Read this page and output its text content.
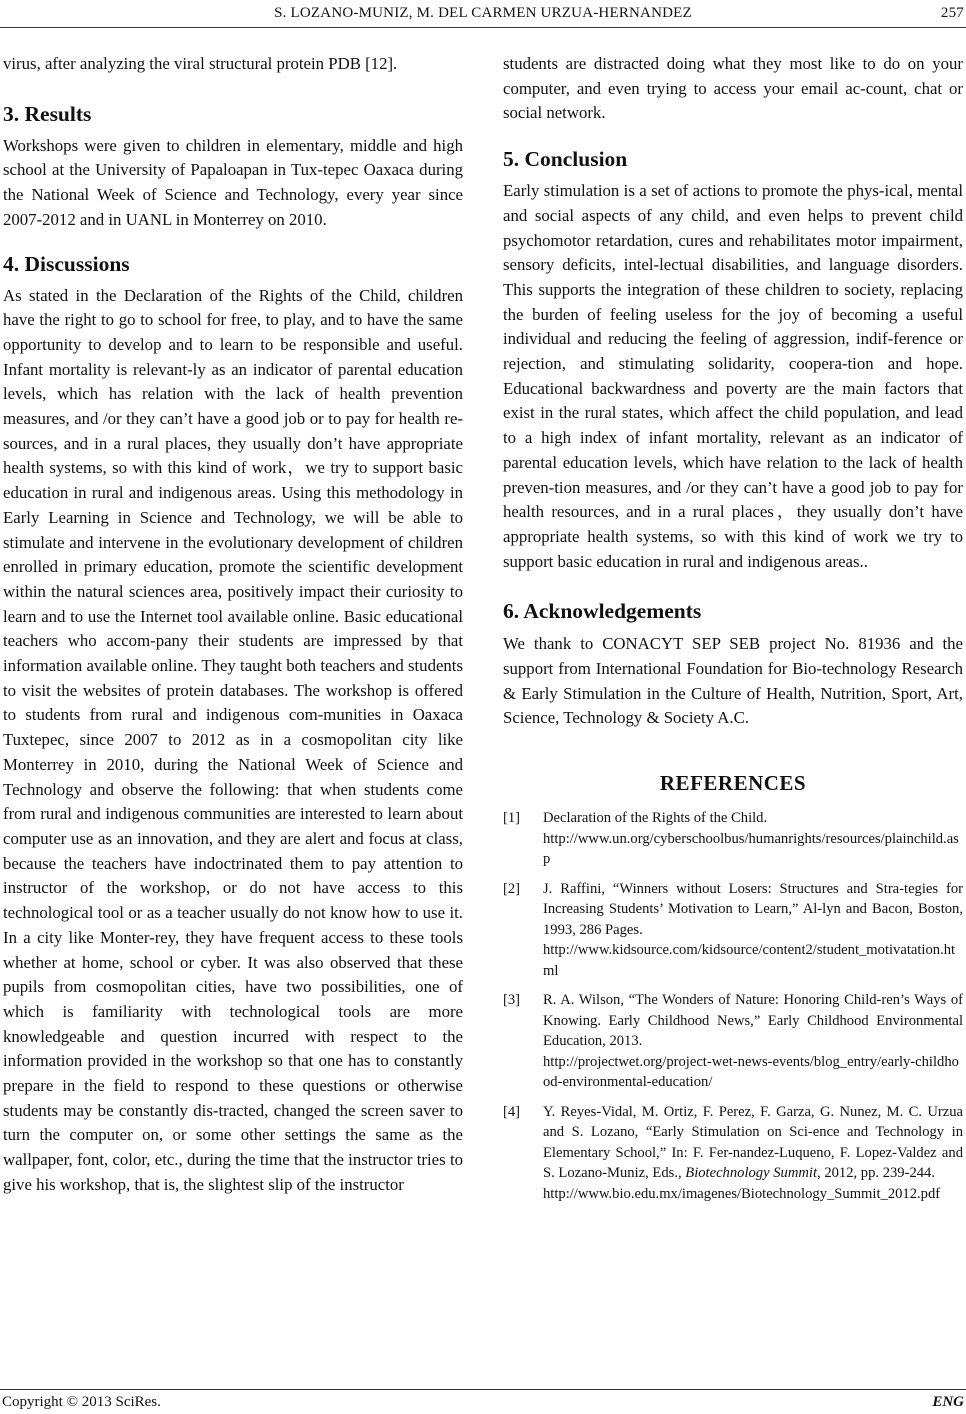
S. LOZANO-MUNIZ, M. DEL CARMEN URZUA-HERNANDEZ	257

virus, after analyzing the viral structural protein PDB [12].

3. Results

Workshops were given to children in elementary, middle and high school at the University of Papaloapan in Tux-tepec Oaxaca during the National Week of Science and Technology, every year since 2007-2012 and in UANL in Monterrey on 2010.

4. Discussions

As stated in the Declaration of the Rights of the Child, children have the right to go to school for free, to play, and to have the same opportunity to develop and to learn to be responsible and useful. Infant mortality is relevant-ly as an indicator of parental education levels, which has relation with the lack of health prevention measures, and /or they can’t have a good job or to pay for health re-sources, and in a rural places, they usually don’t have appropriate health systems, so with this kind of work，we try to support basic education in rural and indigenous areas. Using this methodology in Early Learning in Science and Technology, we will be able to stimulate and intervene in the evolutionary development of children enrolled in primary education, promote the scientific development within the natural sciences area, positively impact their curiosity to learn and to use the Internet tool available online. Basic educational teachers who accom-pany their students are impressed by that information available online. They taught both teachers and students to visit the websites of protein databases. The workshop is offered to students from rural and indigenous com-munities in Oaxaca Tuxtepec, since 2007 to 2012 as in a cosmopolitan city like Monterrey in 2010, during the National Week of Science and Technology and observe the following: that when students come from rural and indigenous communities are interested to learn about computer use as an innovation, and they are alert and focus at class, because the teachers have indoctrinated them to pay attention to instructor of the workshop, or do not have access to this technological tool or as a teacher usually do not know how to use it. In a city like Monter-rey, they have frequent access to these tools whether at home, school or cyber. It was also observed that these pupils from cosmopolitan cities, have two possibilities, one of which is familiarity with technological tools are more knowledgeable and question incurred with respect to the information provided in the workshop so that one has to constantly prepare in the field to respond to these questions or otherwise students may be constantly dis-tracted, changed the screen saver to turn the computer on, or some other settings the same as the wallpaper, font, color, etc., during the time that the instructor tries to give his workshop, that is, the slightest slip of the instructor

students are distracted doing what they most like to do on your computer, and even trying to access your email ac-count, chat or social network.

5. Conclusion

Early stimulation is a set of actions to promote the phys-ical, mental and social aspects of any child, and even helps to prevent child psychomotor retardation, cures and rehabilitates motor impairment, sensory deficits, intel-lectual disabilities, and language disorders. This supports the integration of these children to society, replacing the burden of feeling useless for the joy of becoming a useful individual and reducing the feeling of aggression, indif-ference or rejection, and stimulating solidarity, coopera-tion and hope. Educational backwardness and poverty are the main factors that exist in the rural states, which affect the child population, and lead to a high index of infant mortality, relevant as an indicator of parental education levels, which have relation to the lack of health preven-tion measures, and /or they can’t have a good job to pay for health resources, and in a rural places，they usually don’t have appropriate health systems, so with this kind of work we try to support basic education in rural and indigenous areas..

6. Acknowledgements

We thank to CONACYT SEP SEB project No. 81936 and the support from International Foundation for Bio-technology Research & Early Stimulation in the Culture of Health, Nutrition, Sport, Art, Science, Technology & Society A.C.

REFERENCES
[1] Declaration of the Rights of the Child.
http://www.un.org/cyberschoolbus/humanrights/resources/plainchild.asp
[2] J. Raffini, “Winners without Losers: Structures and Stra-tegies for Increasing Students’ Motivation to Learn,” Al-lyn and Bacon, Boston, 1993, 286 Pages.
http://www.kidsource.com/kidsource/content2/student_motivatation.html
[3] R. A. Wilson, “The Wonders of Nature: Honoring Child-ren’s Ways of Knowing. Early Childhood News,” Early Childhood Environmental Education, 2013.
http://projectwet.org/project-wet-news-events/blog_entry/early-childhood-environmental-education/
[4] Y. Reyes-Vidal, M. Ortiz, F. Perez, F. Garza, G. Nunez, M. C. Urzua and S. Lozano, “Early Stimulation on Sci-ence and Technology in Elementary School,” In: F. Fer-nandez-Luqueno, F. Lopez-Valdez and S. Lozano-Muniz, Eds., Biotechnology Summit, 2012, pp. 239-244.
http://www.bio.edu.mx/imagenes/Biotechnology_Summit_2012.pdf
Copyright © 2013 SciRes.	ENG
